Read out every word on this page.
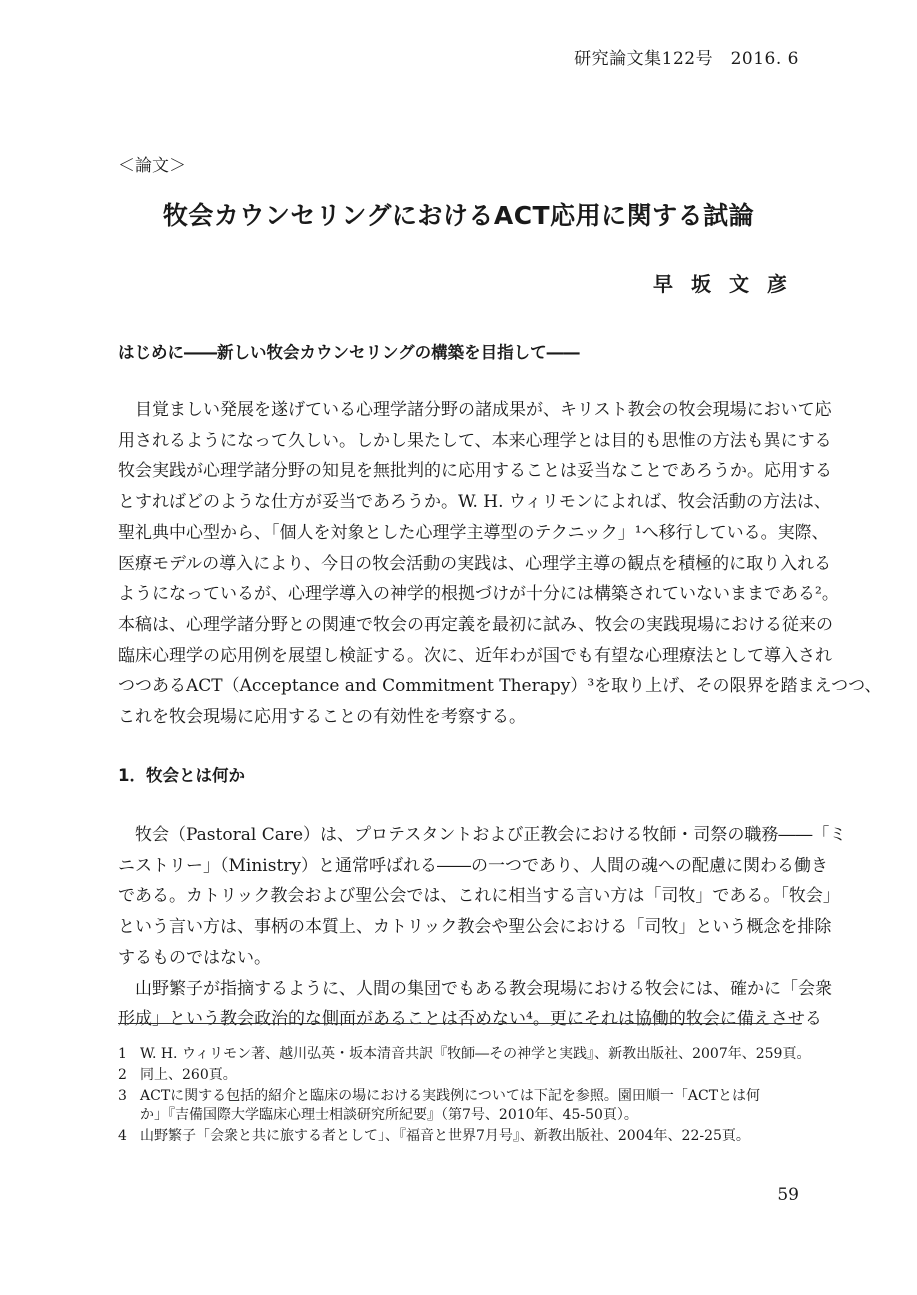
研究論文集122号　2016. 6
＜論文＞
牧会カウンセリングにおけるACT応用に関する試論
早坂文彦
はじめに――新しい牧会カウンセリングの構築を目指して――
　目覚ましい発展を遂げている心理学諸分野の諸成果が、キリスト教会の牧会現場において応
用されるようになって久しい。しかし果たして、本来心理学とは目的も思惟の方法も異にする
牧会実践が心理学諸分野の知見を無批判的に応用することは妥当なことであろうか。応用する
とすればどのような仕方が妥当であろうか。W. H. ウィリモンによれば、牧会活動の方法は、
聖礼典中心型から、「個人を対象とした心理学主導型のテクニック」¹へ移行している。実際、
医療モデルの導入により、今日の牧会活動の実践は、心理学主導の観点を積極的に取り入れる
ようになっているが、心理学導入の神学的根拠づけが十分には構築されていないままである²。
本稿は、心理学諸分野との関連で牧会の再定義を最初に試み、牧会の実践現場における従来の
臨床心理学の応用例を展望し検証する。次に、近年わが国でも有望な心理療法として導入され
つつあるACT（Acceptance and Commitment Therapy）³を取り上げ、その限界を踏まえつつ、
これを牧会現場に応用することの有効性を考察する。
1．牧会とは何か
　牧会（Pastoral Care）は、プロテスタントおよび正教会における牧師・司祭の職務――「ミ
ニストリー」（Ministry）と通常呼ばれる――の一つであり、人間の魂への配慮に関わる働き
である。カトリック教会および聖公会では、これに相当する言い方は「司牧」である。「牧会」
という言い方は、事柄の本質上、カトリック教会や聖公会における「司牧」という概念を排除
するものではない。
　山野繁子が指摘するように、人間の集団でもある教会現場における牧会には、確かに「会衆
形成」という教会政治的な側面があることは否めない⁴。更にそれは協働的牧会に備えさせる
1 W. H. ウィリモン著、越川弘英・坂本清音共訳『牧師―その神学と実践』、新教出版社、2007年、259頁。
2 同上、260頁。
3 ACTに関する包括的紹介と臨床の場における実践例については下記を参照。園田順一「ACTとは何
か」『吉備国際大学臨床心理士相談研究所紀要』（第7号、2010年、45-50頁）。
4 山野繁子「会衆と共に旅する者として」、『福音と世界7月号』、新教出版社、2004年、22-25頁。
59
